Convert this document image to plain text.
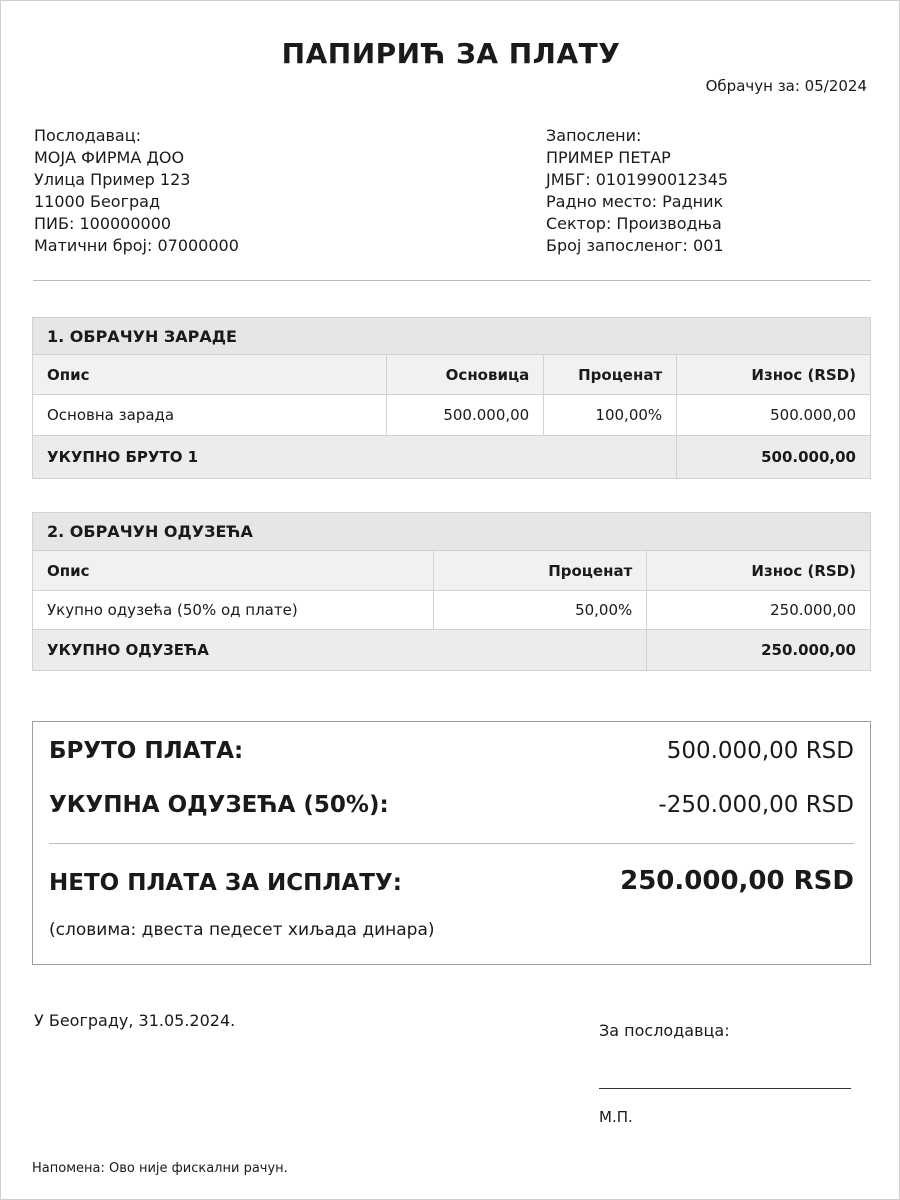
ПАПИРИЋ ЗА ПЛАТУ
Обрачун за: 05/2024
Послодавац:
МОЈА ФИРМА ДОО
Улица Пример 123
11000 Београд
ПИБ: 100000000
Матични број: 07000000
Запослени:
ПРИМЕР ПЕТАР
ЈМБГ: 0101990012345
Радно место: Радник
Сектор: Производња
Број запосленог: 001
1. ОБРАЧУН ЗАРАДЕ			
Опис	Основица	Проценат	Износ (RSD)
Основна зарада	500.000,00	100,00%	500.000,00
УКУПНО БРУТО 1			500.000,00
2. ОБРАЧУН ОДУЗЕЋА		
Опис	Проценат	Износ (RSD)
Укупно одузећа (50% од плате)	50,00%	250.000,00
УКУПНО ОДУЗЕЋА		250.000,00
БРУТО ПЛАТА:	500.000,00 RSD
УКУПНА ОДУЗЕЋА (50%):	-250.000,00 RSD
НЕТО ПЛАТА ЗА ИСПЛАТУ:	250.000,00 RSD
(словима: двеста педесет хиљада динара)
У Београду, 31.05.2024.
За послодавца:
М.П.
Напомена: Ово није фискални рачун.
